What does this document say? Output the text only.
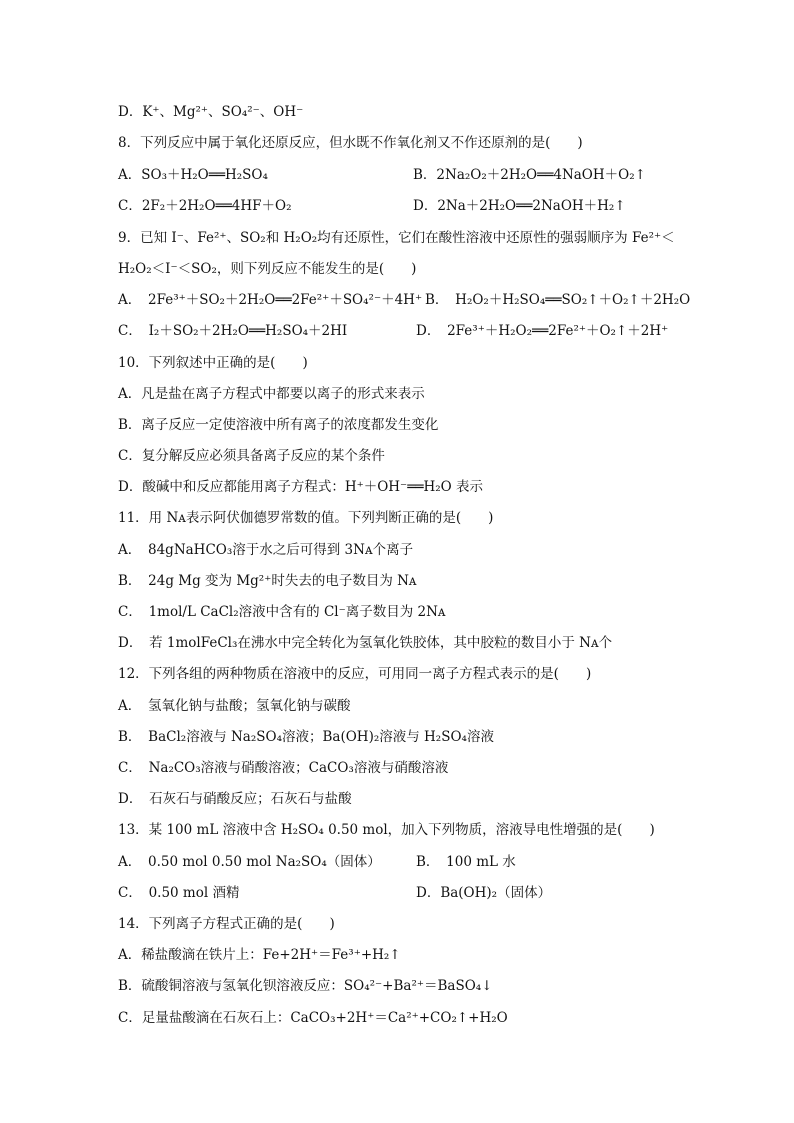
D．K⁺、Mg²⁺、SO₄²⁻、OH⁻
8．下列反应中属于氧化还原反应，但水既不作氧化剂又不作还原剂的是(　　)
A．SO₃＋H₂O══H₂SO₄	B．2Na₂O₂＋2H₂O══4NaOH＋O₂↑
C．2F₂＋2H₂O══4HF＋O₂	D．2Na＋2H₂O══2NaOH＋H₂↑
9．已知 I⁻、Fe²⁺、SO₂和 H₂O₂均有还原性，它们在酸性溶液中还原性的强弱顺序为 Fe²⁺＜
H₂O₂＜I⁻＜SO₂，则下列反应不能发生的是(　　)
A．　2Fe³⁺＋SO₂＋2H₂O══2Fe²⁺＋SO₄²⁻＋4H⁺ B．　H₂O₂＋H₂SO₄══SO₂↑＋O₂↑＋2H₂O
C．　I₂＋SO₂＋2H₂O══H₂SO₄＋2HI	D．　2Fe³⁺＋H₂O₂══2Fe²⁺＋O₂↑＋2H⁺
10．下列叙述中正确的是(　　)
A．凡是盐在离子方程式中都要以离子的形式来表示
B．离子反应一定使溶液中所有离子的浓度都发生变化
C．复分解反应必须具备离子反应的某个条件
D．酸碱中和反应都能用离子方程式：H⁺＋OH⁻══H₂O 表示
11．用 Nᴀ表示阿伏伽德罗常数的值。下列判断正确的是(　　)
A．　84gNaHCO₃溶于水之后可得到 3Nᴀ个离子
B．　24g Mg 变为 Mg²⁺时失去的电子数目为 Nᴀ
C．　1mol/L CaCl₂溶液中含有的 Cl⁻离子数目为 2Nᴀ
D．　若 1molFeCl₃在沸水中完全转化为氢氧化铁胶体，其中胶粒的数目小于 Nᴀ个
12．下列各组的两种物质在溶液中的反应，可用同一离子方程式表示的是(　　)
A．　氢氧化钠与盐酸；氢氧化钠与碳酸
B．　BaCl₂溶液与 Na₂SO₄溶液；Ba(OH)₂溶液与 H₂SO₄溶液
C．　Na₂CO₃溶液与硝酸溶液；CaCO₃溶液与硝酸溶液
D．　石灰石与硝酸反应；石灰石与盐酸
13．某 100 mL 溶液中含 H₂SO₄ 0.50 mol，加入下列物质，溶液导电性增强的是(　　)
A．　0.50 mol 0.50 mol Na₂SO₄（固体）	B．　100 mL 水
C．　0.50 mol 酒精	D．Ba(OH)₂（固体）
14．下列离子方程式正确的是(　　)
A．稀盐酸滴在铁片上：Fe+2H⁺＝Fe³⁺+H₂↑
B．硫酸铜溶液与氢氧化钡溶液反应：SO₄²⁻+Ba²⁺＝BaSO₄↓
C．足量盐酸滴在石灰石上：CaCO₃+2H⁺＝Ca²⁺+CO₂↑+H₂O
